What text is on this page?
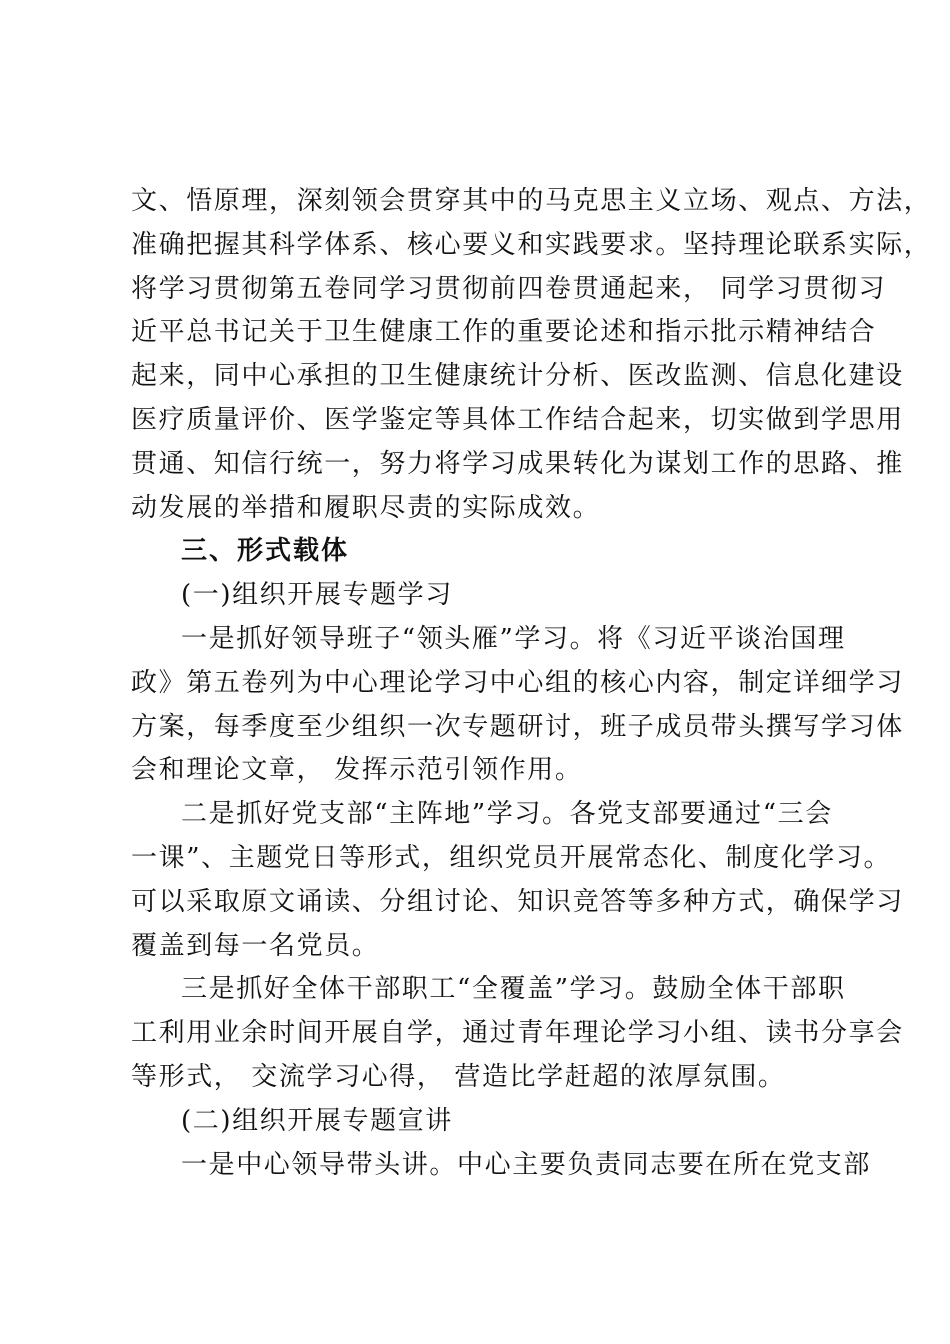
文、悟原理，深刻领会贯穿其中的马克思主义立场、观点、方法，
准确把握其科学体系、核心要义和实践要求。坚持理论联系实际，
将学习贯彻第五卷同学习贯彻前四卷贯通起来， 同学习贯彻习
近平总书记关于卫生健康工作的重要论述和指示批示精神结合
起来，同中心承担的卫生健康统计分析、医改监测、信息化建设
医疗质量评价、医学鉴定等具体工作结合起来，切实做到学思用
贯通、知信行统一，努力将学习成果转化为谋划工作的思路、推
动发展的举措和履职尽责的实际成效。
三、形式载体
(一)组织开展专题学习
一是抓好领导班子“领头雁”学习。将《习近平谈治国理
政》第五卷列为中心理论学习中心组的核心内容，制定详细学习
方案，每季度至少组织一次专题研讨，班子成员带头撰写学习体
会和理论文章， 发挥示范引领作用。
二是抓好党支部“主阵地”学习。各党支部要通过“三会
一课”、主题党日等形式，组织党员开展常态化、制度化学习。
可以采取原文诵读、分组讨论、知识竞答等多种方式，确保学习
覆盖到每一名党员。
三是抓好全体干部职工“全覆盖”学习。鼓励全体干部职
工利用业余时间开展自学，通过青年理论学习小组、读书分享会
等形式， 交流学习心得， 营造比学赶超的浓厚氛围。
(二)组织开展专题宣讲
一是中心领导带头讲。中心主要负责同志要在所在党支部
